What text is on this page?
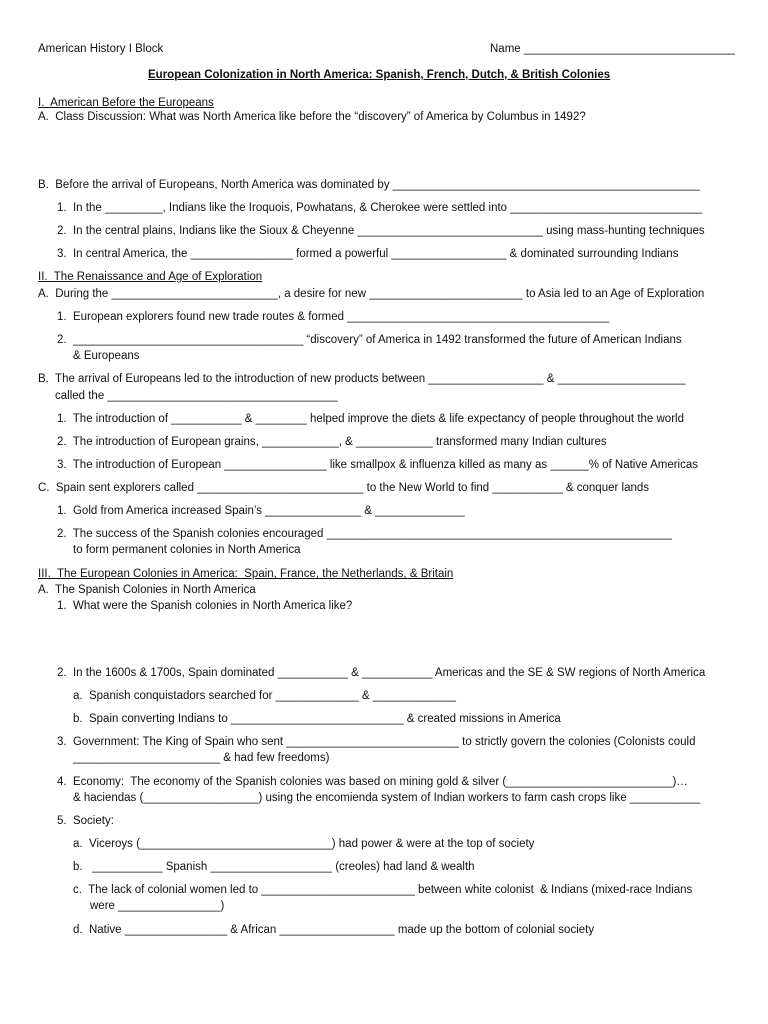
American History I Block	Name _________________________________
European Colonization in North America: Spanish, French, Dutch, & British Colonies
I.  American Before the Europeans
A.  Class Discussion: What was North America like before the “discovery” of America by Columbus in 1492?
B.  Before the arrival of Europeans, North America was dominated by ________________________________________________
1.  In the _________, Indians like the Iroquois, Powhatans, & Cherokee were settled into ______________________________
2.  In the central plains, Indians like the Sioux & Cheyenne _____________________________ using mass-hunting techniques
3.  In central America, the ________________ formed a powerful __________________ & dominated surrounding Indians
II.  The Renaissance and Age of Exploration
A.  During the __________________________, a desire for new ________________________ to Asia led to an Age of Exploration
1.  European explorers found new trade routes & formed _________________________________________
2.  ____________________________________ “discovery” of America in 1492 transformed the future of American Indians
& Europeans
B.  The arrival of Europeans led to the introduction of new products between __________________ & ____________________
called the ____________________________________
1.  The introduction of ___________ & ________ helped improve the diets & life expectancy of people throughout the world
2.  The introduction of European grains, ____________, & ____________ transformed many Indian cultures
3.  The introduction of European ________________ like smallpox & influenza killed as many as ______% of Native Americas
C.  Spain sent explorers called __________________________ to the New World to find ___________ & conquer lands
1.  Gold from America increased Spain’s _______________ & ______________
2.  The success of the Spanish colonies encouraged ______________________________________________________
to form permanent colonies in North America
III.  The European Colonies in America:  Spain, France, the Netherlands, & Britain
A.  The Spanish Colonies in North America
1.  What were the Spanish colonies in North America like?
2.  In the 1600s & 1700s, Spain dominated ___________ & ___________ Americas and the SE & SW regions of North America
a.  Spanish conquistadors searched for _____________ & _____________
b.  Spain converting Indians to ___________________________ & created missions in America
3.  Government: The King of Spain who sent ___________________________ to strictly govern the colonies (Colonists could
_______________________ & had few freedoms)
4.  Economy:  The economy of the Spanish colonies was based on mining gold & silver (__________________________)…
& haciendas (__________________) using the encomienda system of Indian workers to farm cash crops like ___________
5.  Society:
a.  Viceroys (______________________________) had power & were at the top of society
b.   ___________ Spanish ___________________ (creoles) had land & wealth
c.  The lack of colonial women led to ________________________ between white colonist  & Indians (mixed-race Indians
were ________________)
d.  Native ________________ & African __________________ made up the bottom of colonial society
